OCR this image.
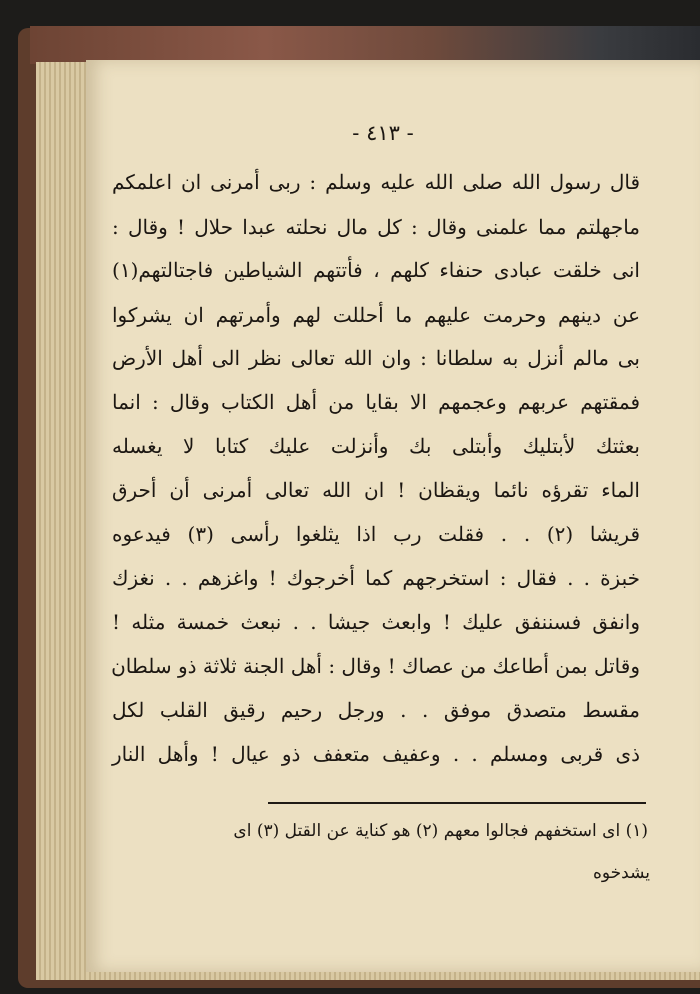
- ٤١٣ -
قال رسول الله صلى الله عليه وسلم : ربى أمرنى ان اعلمكم
ماجهلتم مما علمنى وقال : كل مال نحلته عبدا حلال ! وقال :
انى خلقت عبادى حنفاء كلهم ، فأتتهم الشياطين فاجتالتهم(١)
عن دينهم وحرمت عليهم ما أحللت لهم وأمرتهم ان يشركوا
بى مالم أنزل به سلطانا : وان الله تعالى نظر الى أهل الأرض
فمقتهم عربهم وعجمهم الا بقايا من أهل الكتاب وقال : انما
بعثتك لأبتليك وأبتلى بك وأنزلت عليك كتابا لا يغسله
الماء تقرؤه نائما ويقظان ! ان الله تعالى أمرنى أن أحرق
قريشا (٢) . . فقلت رب اذا يثلغوا رأسى (٣) فيدعوه
خبزة . . فقال : استخرجهم كما أخرجوك ! واغزهم . . نغزك
وانفق فسننفق عليك ! وابعث جيشا . . نبعث خمسة مثله !
وقاتل بمن أطاعك من عصاك ! وقال : أهل الجنة ثلاثة ذو سلطان
مقسط متصدق موفق . . ورجل رحيم رقيق القلب لكل
ذى قربى ومسلم . . وعفيف متعفف ذو عيال ! وأهل النار
(١) اى استخفهم فجالوا معهم (٢) هو كناية عن القتل (٣) اى
يشدخوه
